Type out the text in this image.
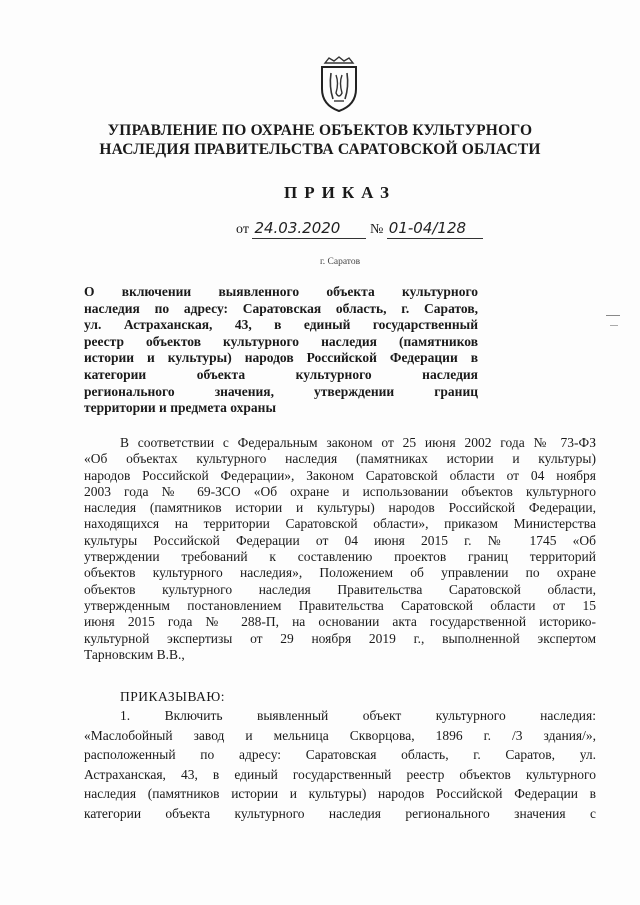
УПРАВЛЕНИЕ ПО ОХРАНЕ ОБЪЕКТОВ КУЛЬТУРНОГО
НАСЛЕДИЯ ПРАВИТЕЛЬСТВА САРАТОВСКОЙ ОБЛАСТИ
ПРИКАЗ
от 24.03.2020 № 01-04/128
г. Саратов
О включении выявленного объекта культурного
наследия по адресу: Саратовская область, г. Саратов,
ул. Астраханская, 43, в единый государственный
реестр объектов культурного наследия (памятников
истории и культуры) народов Российской Федерации в
категории объекта культурного наследия
регионального значения, утверждении границ
территории и предмета охраны
В соответствии с Федеральным законом от 25 июня 2002 года № 73-ФЗ
«Об объектах культурного наследия (памятниках истории и культуры)
народов Российской Федерации», Законом Саратовской области от 04 ноября
2003 года № 69-ЗСО «Об охране и использовании объектов культурного
наследия (памятников истории и культуры) народов Российской Федерации,
находящихся на территории Саратовской области», приказом Министерства
культуры Российской Федерации от 04 июня 2015 г. № 1745 «Об
утверждении требований к составлению проектов границ территорий
объектов культурного наследия», Положением об управлении по охране
объектов культурного наследия Правительства Саратовской области,
утвержденным постановлением Правительства Саратовской области от 15
июня 2015 года № 288-П, на основании акта государственной историко-
культурной экспертизы от 29 ноября 2019 г., выполненной экспертом
Тарновским В.В.,
ПРИКАЗЫВАЮ:
1. Включить выявленный объект культурного наследия:
«Маслобойный завод и мельница Скворцова, 1896 г. /3 здания/»,
расположенный по адресу: Саратовская область, г. Саратов, ул.
Астраханская, 43, в единый государственный реестр объектов культурного
наследия (памятников истории и культуры) народов Российской Федерации в
категории объекта культурного наследия регионального значения с
